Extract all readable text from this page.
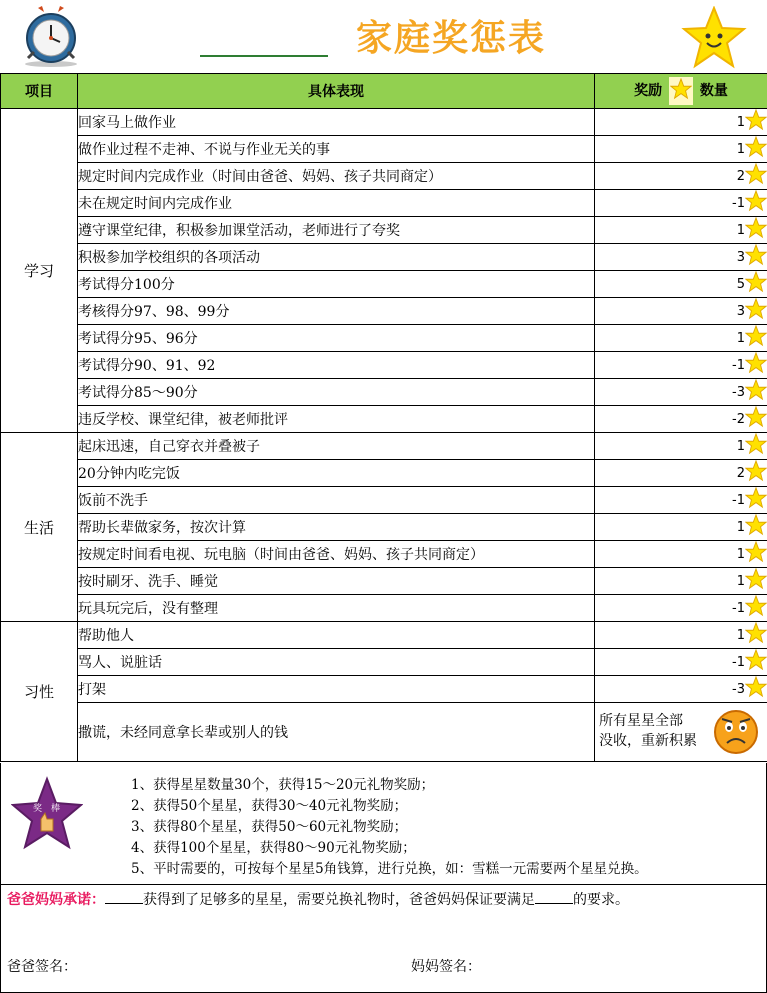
家庭奖惩表
项目	具体表现	奖励 数量
学习	回家马上做作业	1
	做作业过程不走神、不说与作业无关的事	1
	规定时间内完成作业（时间由爸爸、妈妈、孩子共同商定）	2
	未在规定时间内完成作业	-1
	遵守课堂纪律，积极参加课堂活动，老师进行了夸奖	1
	积极参加学校组织的各项活动	3
	考试得分100分	5
	考核得分97、98、99分	3
	考试得分95、96分	1
	考试得分90、91、92	-1
	考试得分85～90分	-3
	违反学校、课堂纪律，被老师批评	-2
生活	起床迅速，自己穿衣并叠被子	1
	20分钟内吃完饭	2
	饭前不洗手	-1
	帮助长辈做家务，按次计算	1
	按规定时间看电视、玩电脑（时间由爸爸、妈妈、孩子共同商定）	1
	按时刷牙、洗手、睡觉	1
	玩具玩完后，没有整理	-1
习性	帮助他人	1
	骂人、说脏话	-1
	打架	-3
	撒谎，未经同意拿长辈或别人的钱	所有星星全部
没收，重新积累
奖 棒
1、获得星星数量30个，获得15～20元礼物奖励；
2、获得50个星星，获得30～40元礼物奖励；
3、获得80个星星，获得50～60元礼物奖励；
4、获得100个星星，获得80～90元礼物奖励；
5、平时需要的，可按每个星星5角钱算，进行兑换，如：雪糕一元需要两个星星兑换。
爸爸妈妈承诺：	获得到了足够多的星星，需要兑换礼物时，爸爸妈妈保证要满足	的要求。
爸爸签名：	妈妈签名：
